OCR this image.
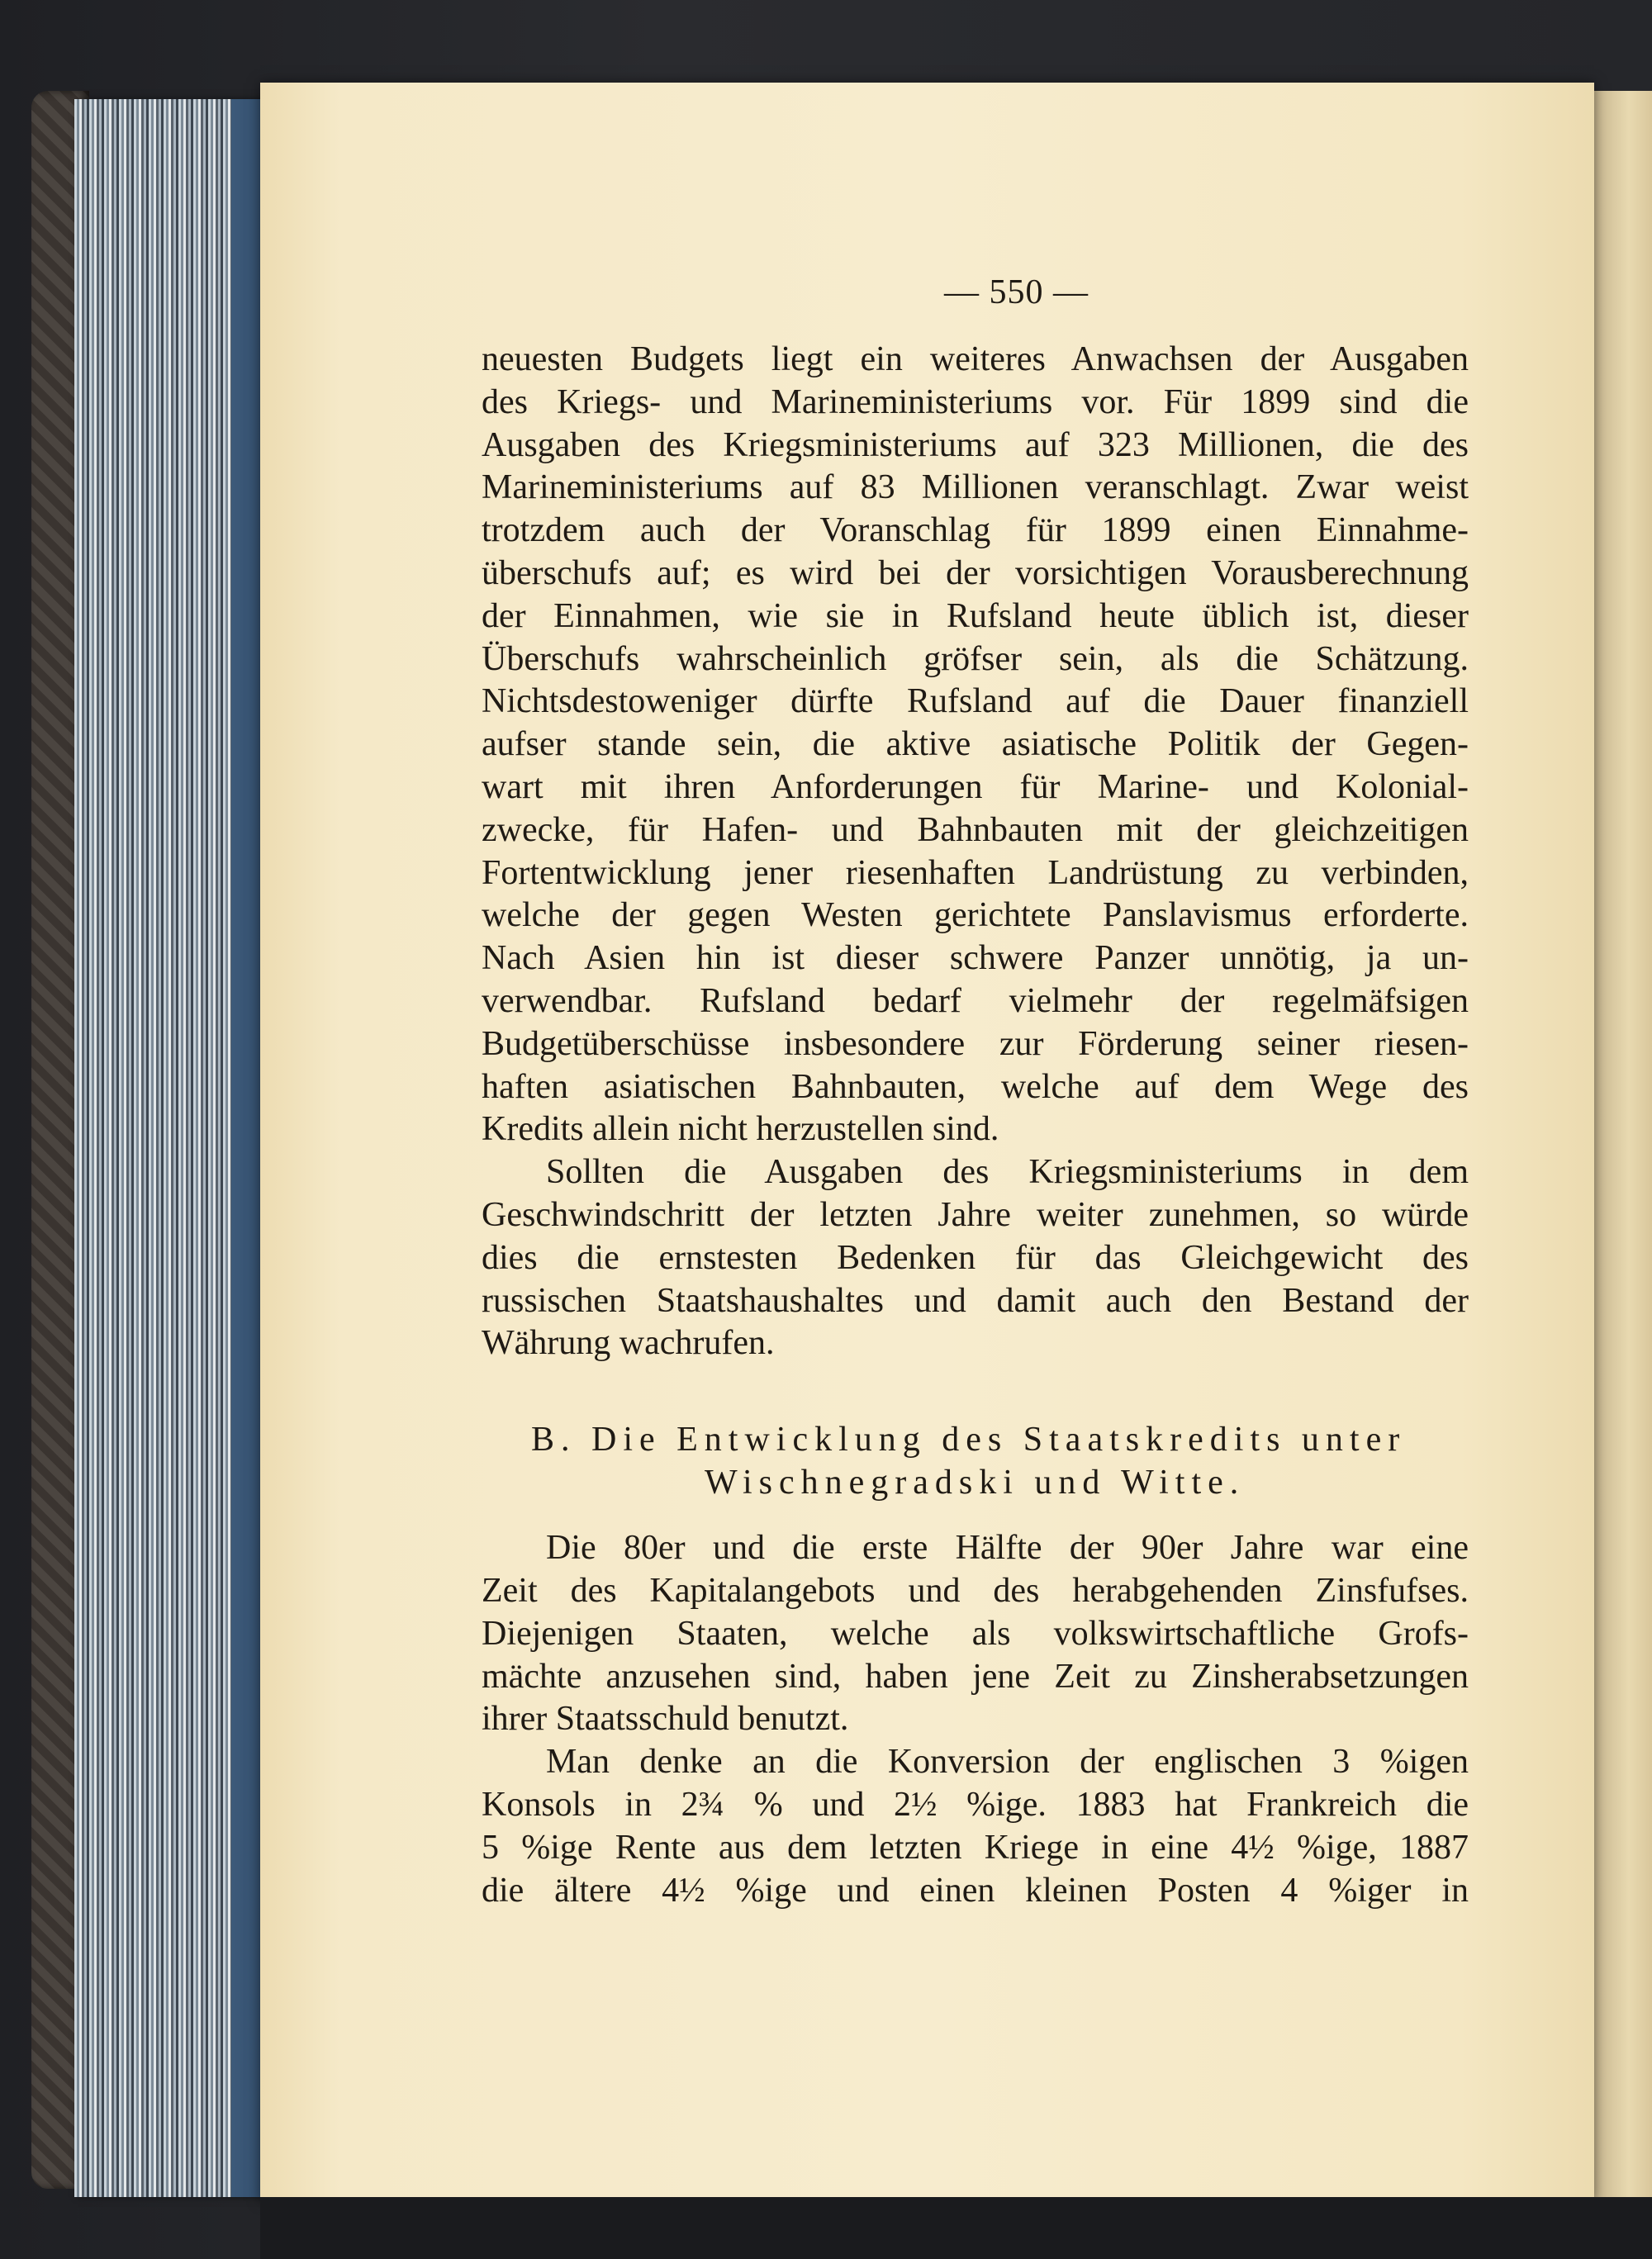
— 550 —
neuesten Budgets liegt ein weiteres Anwachsen der Ausgaben
des Kriegs- und Marineministeriums vor. Für 1899 sind die
Ausgaben des Kriegsministeriums auf 323 Millionen, die des
Marineministeriums auf 83 Millionen veranschlagt. Zwar weist
trotzdem auch der Voranschlag für 1899 einen Einnahme-
überschufs auf; es wird bei der vorsichtigen Vorausberechnung
der Einnahmen, wie sie in Rufsland heute üblich ist, dieser
Überschufs wahrscheinlich gröfser sein, als die Schätzung.
Nichtsdestoweniger dürfte Rufsland auf die Dauer finanziell
aufser stande sein, die aktive asiatische Politik der Gegen-
wart mit ihren Anforderungen für Marine- und Kolonial-
zwecke, für Hafen- und Bahnbauten mit der gleichzeitigen
Fortentwicklung jener riesenhaften Landrüstung zu verbinden,
welche der gegen Westen gerichtete Panslavismus erforderte.
Nach Asien hin ist dieser schwere Panzer unnötig, ja un-
verwendbar. Rufsland bedarf vielmehr der regelmäfsigen
Budgetüberschüsse insbesondere zur Förderung seiner riesen-
haften asiatischen Bahnbauten, welche auf dem Wege des
Kredits allein nicht herzustellen sind.
Sollten die Ausgaben des Kriegsministeriums in dem
Geschwindschritt der letzten Jahre weiter zunehmen, so würde
dies die ernstesten Bedenken für das Gleichgewicht des
russischen Staatshaushaltes und damit auch den Bestand der
Währung wachrufen.
B. Die Entwicklung des Staatskredits unter
Wischnegradski und Witte.
Die 80er und die erste Hälfte der 90er Jahre war eine
Zeit des Kapitalangebots und des herabgehenden Zinsfufses.
Diejenigen Staaten, welche als volkswirtschaftliche Grofs-
mächte anzusehen sind, haben jene Zeit zu Zinsherabsetzungen
ihrer Staatsschuld benutzt.
Man denke an die Konversion der englischen 3 %igen
Konsols in 2¾ % und 2½ %ige. 1883 hat Frankreich die
5 %ige Rente aus dem letzten Kriege in eine 4½ %ige, 1887
die ältere 4½ %ige und einen kleinen Posten 4 %iger in
